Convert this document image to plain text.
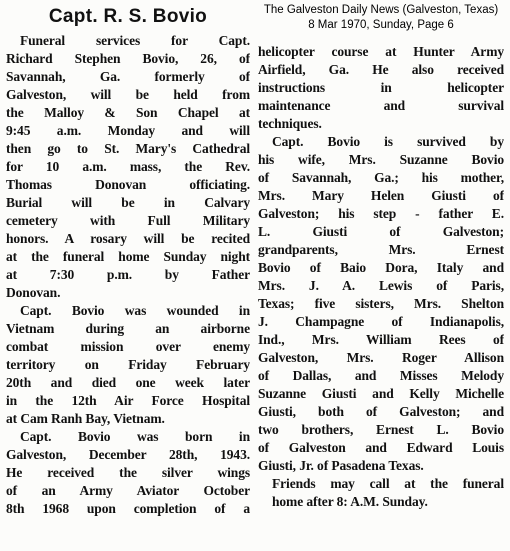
Capt. R. S. Bovio
Funeral services for Capt.
Richard Stephen Bovio, 26, of
Savannah, Ga. formerly of
Galveston, will be held from
the Malloy & Son Chapel at
9:45 a.m. Monday and will
then go to St. Mary's Cathedral
for 10 a.m. mass, the Rev.
Thomas Donovan officiating.
Burial will be in Calvary
cemetery with Full Military
honors. A rosary will be recited
at the funeral home Sunday night
at 7:30 p.m. by Father
Donovan.
Capt. Bovio was wounded in
Vietnam during an airborne
combat mission over enemy
territory on Friday February
20th and died one week later
in the 12th Air Force Hospital
at Cam Ranh Bay, Vietnam.
Capt. Bovio was born in
Galveston, December 28th, 1943.
He received the silver wings
of an Army Aviator October
8th 1968 upon completion of a
The Galveston Daily News (Galveston, Texas)
8 Mar 1970, Sunday, Page 6
helicopter course at Hunter Army
Airfield, Ga. He also received
instructions in helicopter
maintenance and survival
techniques.
Capt. Bovio is survived by
his wife, Mrs. Suzanne Bovio
of Savannah, Ga.; his mother,
Mrs. Mary Helen Giusti of
Galveston; his step - father E.
L. Giusti of Galveston;
grandparents, Mrs. Ernest
Bovio of Baio Dora, Italy and
Mrs. J. A. Lewis of Paris,
Texas; five sisters, Mrs. Shelton
J. Champagne of Indianapolis,
Ind., Mrs. William Rees of
Galveston, Mrs. Roger Allison
of Dallas, and Misses Melody
Suzanne Giusti and Kelly Michelle
Giusti, both of Galveston; and
two brothers, Ernest L. Bovio
of Galveston and Edward Louis
Giusti, Jr. of Pasadena Texas.
Friends may call at the funeral
home after 8: A.M. Sunday.
